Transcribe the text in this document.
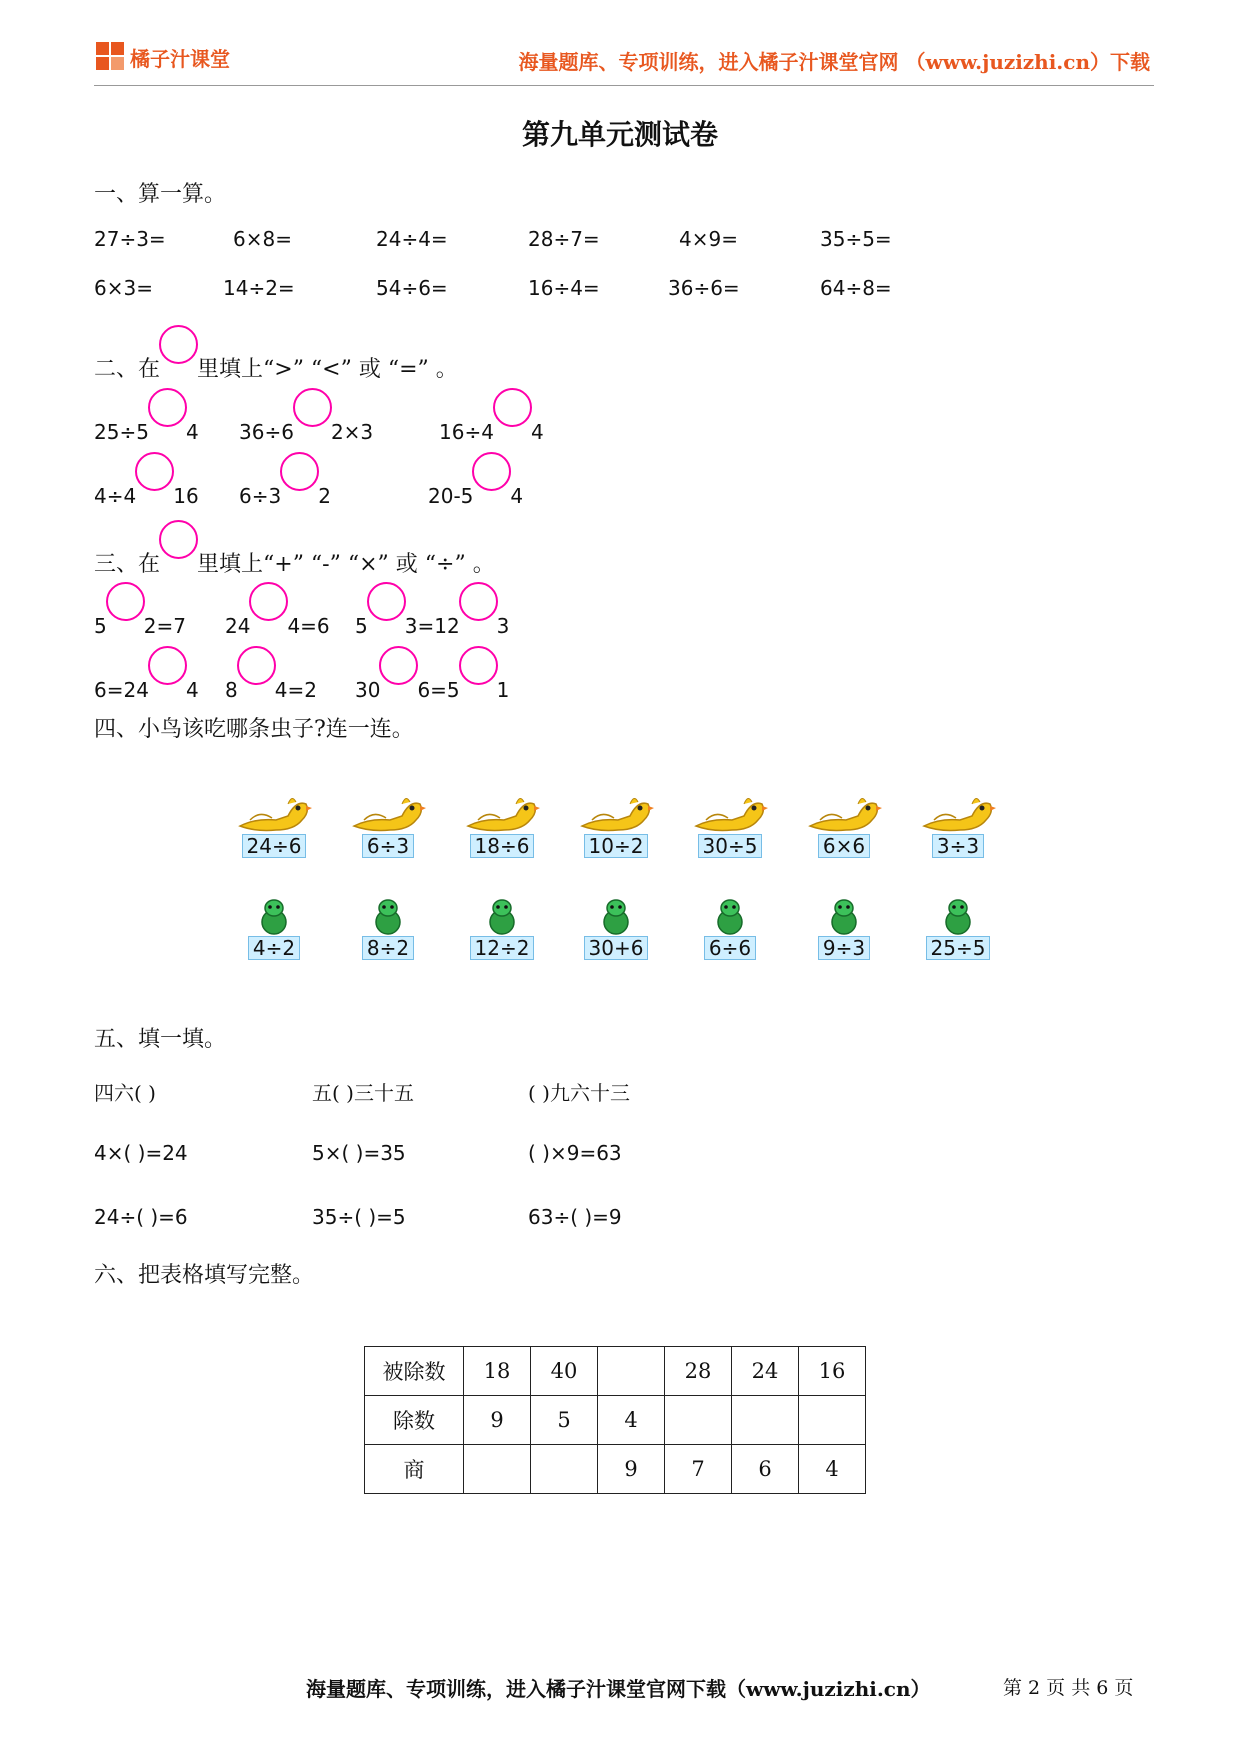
橘子汁课堂	海量题库、专项训练，进入橘子汁课堂官网 （www.juzizhi.cn）下载
第九单元测试卷
一、算一算。
27÷3=	6×8=	24÷4=	28÷7=	4×9=	35÷5=
6×3=	14÷2=	54÷6=	16÷4=	36÷6=	64÷8=
二、在 里填上“>” “<” 或 “=” 。
25÷5 4 36÷6 2×3	16÷4 4
4÷4 16 6÷3 2	20-5 4
三、在 里填上“+” “-” “×” 或 “÷” 。
5 2=7 24 4=6 5 3=12 3
6=24 4 8 4=2 30 6=5 1
四、小鸟该吃哪条虫子?连一连。
24÷6	6÷3	18÷6	10÷2	30÷5	6×6	3÷3

4÷2	8÷2	12÷2	30+6	6÷6	9÷3	25÷5
五、填一填。
四六( )	五( )三十五	( )九六十三
4×( )=24	5×( )=35	( )×9=63
24÷( )=6	35÷( )=5	63÷( )=9
六、把表格填写完整。
被除数	18	40		28	24	16
除数	9	5	4			
商			9	7	6	4
海量题库、专项训练，进入橘子汁课堂官网下载（www.juzizhi.cn）	第 2 页 共 6 页
